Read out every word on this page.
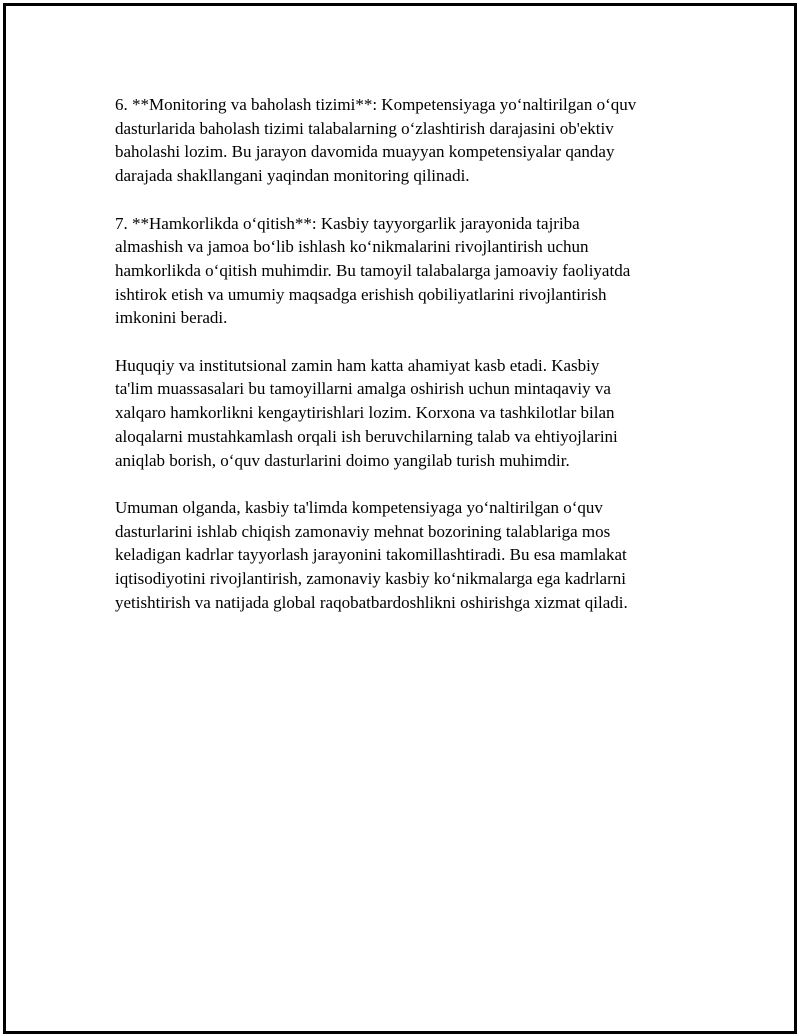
6. **Monitoring va baholash tizimi**: Kompetensiyaga yo‘naltirilgan o‘quv
dasturlarida baholash tizimi talabalarning o‘zlashtirish darajasini ob'ektiv
baholashi lozim. Bu jarayon davomida muayyan kompetensiyalar qanday
darajada shakllangani yaqindan monitoring qilinadi.

7. **Hamkorlikda o‘qitish**: Kasbiy tayyorgarlik jarayonida tajriba
almashish va jamoa bo‘lib ishlash ko‘nikmalarini rivojlantirish uchun
hamkorlikda o‘qitish muhimdir. Bu tamoyil talabalarga jamoaviy faoliyatda
ishtirok etish va umumiy maqsadga erishish qobiliyatlarini rivojlantirish
imkonini beradi.

Huquqiy va institutsional zamin ham katta ahamiyat kasb etadi. Kasbiy
ta'lim muassasalari bu tamoyillarni amalga oshirish uchun mintaqaviy va
xalqaro hamkorlikni kengaytirishlari lozim. Korxona va tashkilotlar bilan
aloqalarni mustahkamlash orqali ish beruvchilarning talab va ehtiyojlarini
aniqlab borish, o‘quv dasturlarini doimo yangilab turish muhimdir.

Umuman olganda, kasbiy ta'limda kompetensiyaga yo‘naltirilgan o‘quv
dasturlarini ishlab chiqish zamonaviy mehnat bozorining talablariga mos
keladigan kadrlar tayyorlash jarayonini takomillashtiradi. Bu esa mamlakat
iqtisodiyotini rivojlantirish, zamonaviy kasbiy ko‘nikmalarga ega kadrlarni
yetishtirish va natijada global raqobatbardoshlikni oshirishga xizmat qiladi.
